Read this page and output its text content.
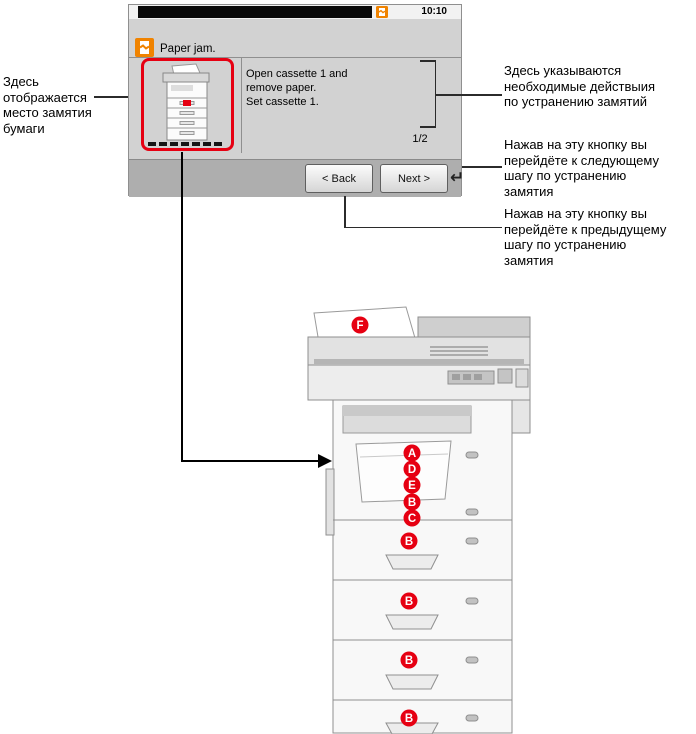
10:10
Paper jam.
Open cassette 1 and
remove paper.
Set cassette 1.
1/2
< Back	Next >	↵
Здесь
отображается
место замятия
бумаги
Здесь указываются
необходимые действыия
по устранению замятий
Нажав на эту кнопку вы
перейдёте к следующему
шагу по устранению
замятия
Нажав на эту кнопку вы
перейдёте к предыдущему
шагу по устранению
замятия
F
A
D
E
B
C
B
B
B
B
